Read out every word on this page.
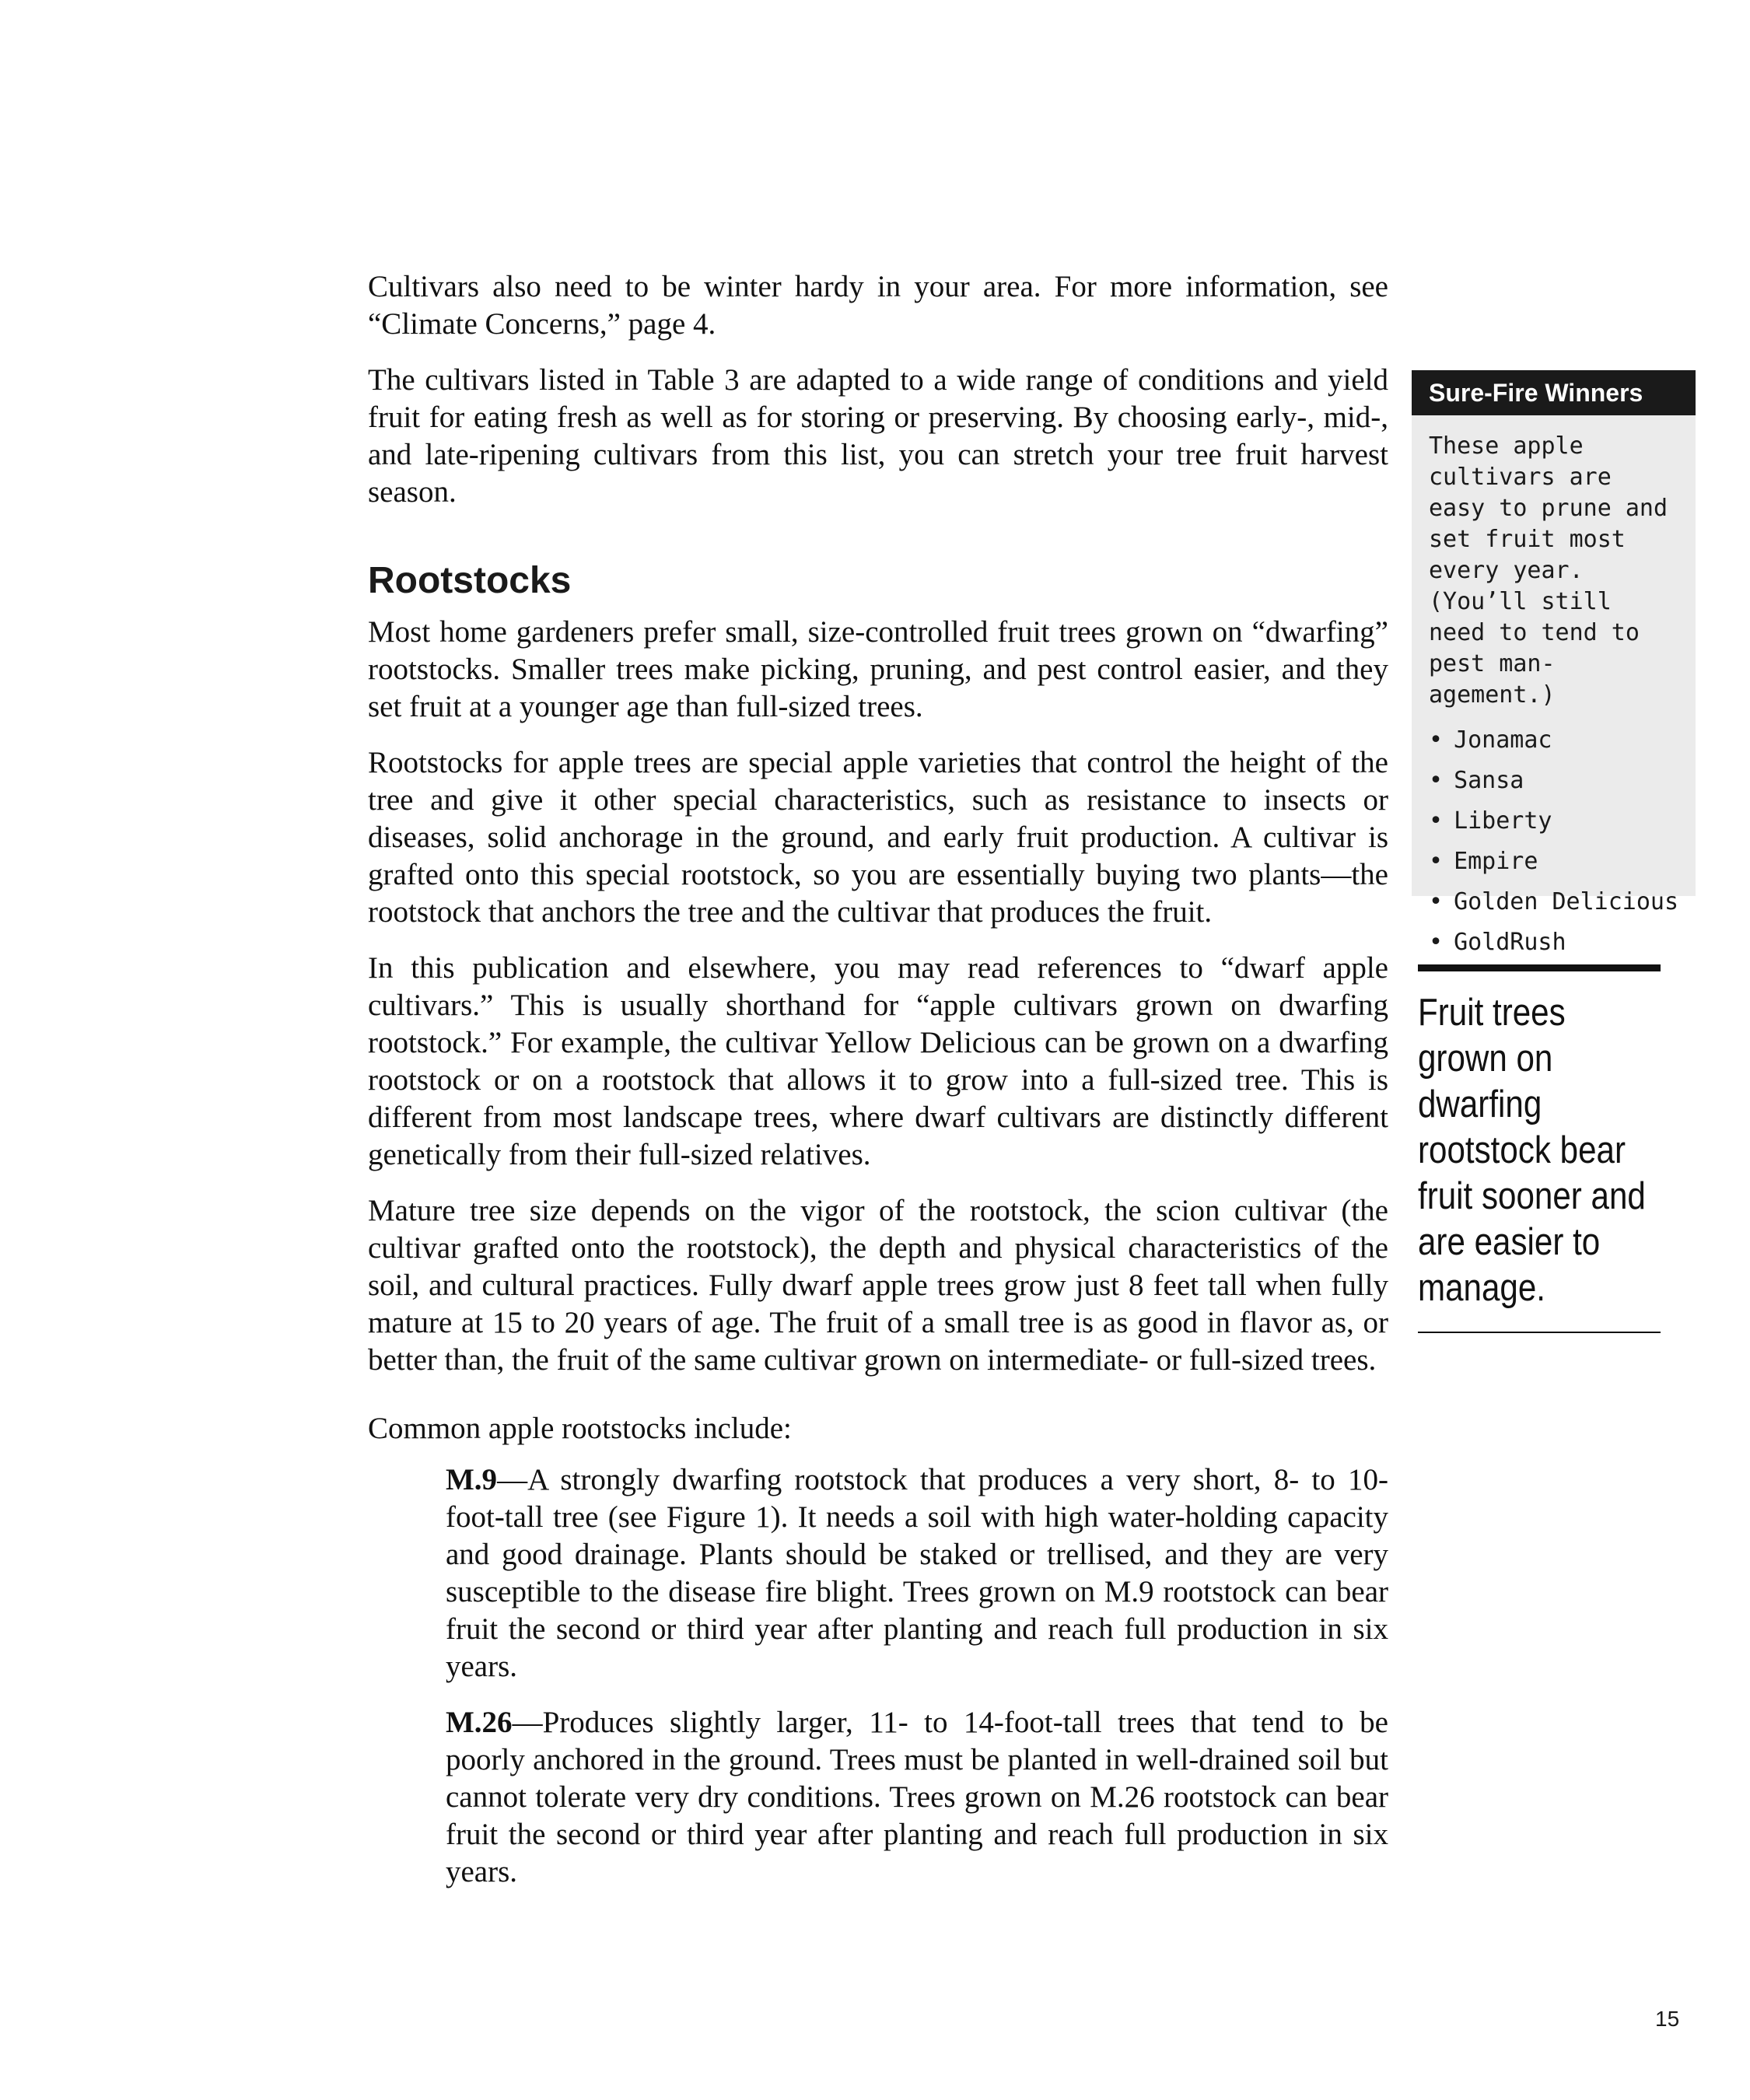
Cultivars also need to be winter hardy in your area. For more information, see “Climate Concerns,” page 4.

The cultivars listed in Table 3 are adapted to a wide range of conditions and yield fruit for eating fresh as well as for storing or preserving. By choosing early-, mid-, and late-ripening cultivars from this list, you can stretch your tree fruit harvest season.

Rootstocks

Most home gardeners prefer small, size-controlled fruit trees grown on “dwarfing” rootstocks. Smaller trees make picking, pruning, and pest control easier, and they set fruit at a younger age than full-sized trees.

Rootstocks for apple trees are special apple varieties that control the height of the tree and give it other special characteristics, such as resistance to insects or diseases, solid anchorage in the ground, and early fruit production. A cultivar is grafted onto this special rootstock, so you are essentially buying two plants—the rootstock that anchors the tree and the cultivar that produces the fruit.

In this publication and elsewhere, you may read references to “dwarf apple cultivars.” This is usually shorthand for “apple cultivars grown on dwarfing rootstock.” For example, the cultivar Yellow Delicious can be grown on a dwarfing rootstock or on a rootstock that allows it to grow into a full-sized tree. This is different from most landscape trees, where dwarf cultivars are distinctly different genetically from their full-sized relatives.

Mature tree size depends on the vigor of the rootstock, the scion cultivar (the cultivar grafted onto the rootstock), the depth and physical characteristics of the soil, and cultural practices. Fully dwarf apple trees grow just 8 feet tall when fully mature at 15 to 20 years of age. The fruit of a small tree is as good in flavor as, or better than, the fruit of the same cultivar grown on intermediate- or full-sized trees.

Common apple rootstocks include:

M.9—A strongly dwarfing rootstock that produces a very short, 8- to 10-foot-tall tree (see Figure 1). It needs a soil with high water-holding capacity and good drainage. Plants should be staked or trellised, and they are very susceptible to the disease fire blight. Trees grown on M.9 rootstock can bear fruit the second or third year after planting and reach full production in six years.

M.26—Produces slightly larger, 11- to 14-foot-tall trees that tend to be poorly anchored in the ground. Trees must be planted in well-drained soil but cannot tolerate very dry conditions. Trees grown on M.26 rootstock can bear fruit the second or third year after planting and reach full production in six years.

Sure-Fire Winners
These apple cultivars are easy to prune and set fruit most every year. (You’ll still need to tend to pest man-agement.)
• Jonamac
• Sansa
• Liberty
• Empire
• Golden Delicious
• GoldRush
Fruit trees grown on dwarfing rootstock bear fruit sooner and are easier to manage.
15
